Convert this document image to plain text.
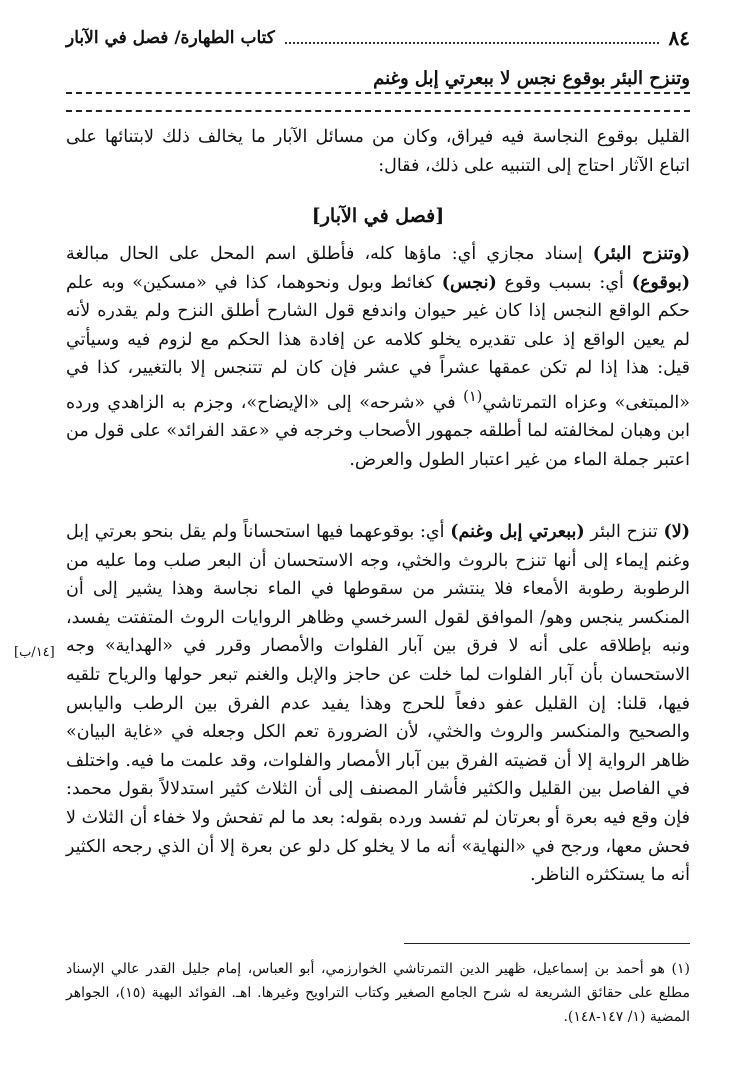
٨٤
كتاب الطهارة/ فصل في الآبار
وتنزح البئر بوقوع نجس لا ببعرتي إبل وغنم
القليل بوقوع النجاسة فيه فيراق، وكان من مسائل الآبار ما يخالف ذلك لابتنائها على اتباع الآثار احتاج إلى التنبيه على ذلك، فقال:
[فصل في الآبار]
(وتنزح البئر) إسناد مجازي أي: ماؤها كله، فأطلق اسم المحل على الحال مبالغة (بوقوع) أي: بسبب وقوع (نجس) كغائط وبول ونحوهما، كذا في «مسكين» وبه علم حكم الواقع النجس إذا كان غير حيوان واندفع قول الشارح أطلق النزح ولم يقدره لأنه لم يعين الواقع إذ على تقديره يخلو كلامه عن إفادة هذا الحكم مع لزوم فيه وسيأتي قيل: هذا إذا لم تكن عمقها عشراً في عشر فإن كان لم تتنجس إلا بالتغيير، كذا في «المبتغى» وعزاه التمرتاشي$^{(١)}$ في «شرحه» إلى «الإيضاح»، وجزم به الزاهدي ورده ابن وهبان لمخالفته لما أطلقه جمهور الأصحاب وخرجه في «عقد الفرائد» على قول من اعتبر جملة الماء من غير اعتبار الطول والعرض.
(لا) تنزح البئر (ببعرتي إبل وغنم) أي: بوقوعهما فيها استحساناً ولم يقل بنحو بعرتي إبل وغنم إيماء إلى أنها تنزح بالروث والخثي، وجه الاستحسان أن البعر صلب وما عليه من الرطوبة رطوبة الأمعاء فلا ينتشر من سقوطها في الماء نجاسة وهذا يشير إلى أن المنكسر ينجس وهو/ الموافق لقول السرخسي وظاهر الروايات الروث المتفتت يفسد، ونبه بإطلاقه على أنه لا فرق بين آبار الفلوات والأمصار وقرر في «الهداية» وجه الاستحسان بأن آبار الفلوات لما خلت عن حاجز والإبل والغنم تبعر حولها والرياح تلقيه فيها، قلنا: إن القليل عفو دفعاً للحرج وهذا يفيد عدم الفرق بين الرطب واليابس والصحيح والمنكسر والروث والخثي، لأن الضرورة تعم الكل وجعله في «غاية البيان» ظاهر الرواية إلا أن قضيته الفرق بين آبار الأمصار والفلوات، وقد علمت ما فيه. واختلف في الفاصل بين القليل والكثير فأشار المصنف إلى أن الثلاث كثير استدلالاً بقول محمد: فإن وقع فيه بعرة أو بعرتان لم تفسد ورده بقوله: بعد ما لم تفحش ولا خفاء أن الثلاث لا فحش معها، ورجح في «النهاية» أنه ما لا يخلو كل دلو عن بعرة إلا أن الذي رجحه الكثير أنه ما يستكثره الناظر.
[١٤/ب]
(١) هو أحمد بن إسماعيل، ظهير الدين التمرتاشي الخوارزمي، أبو العباس، إمام جليل القدر عالي الإسناد مطلع على حقائق الشريعة له شرح الجامع الصغير وكتاب التراويح وغيرها. اهـ. الفوائد البهية (١٥)، الجواهر المضية (١/ ١٤٧-١٤٨).
